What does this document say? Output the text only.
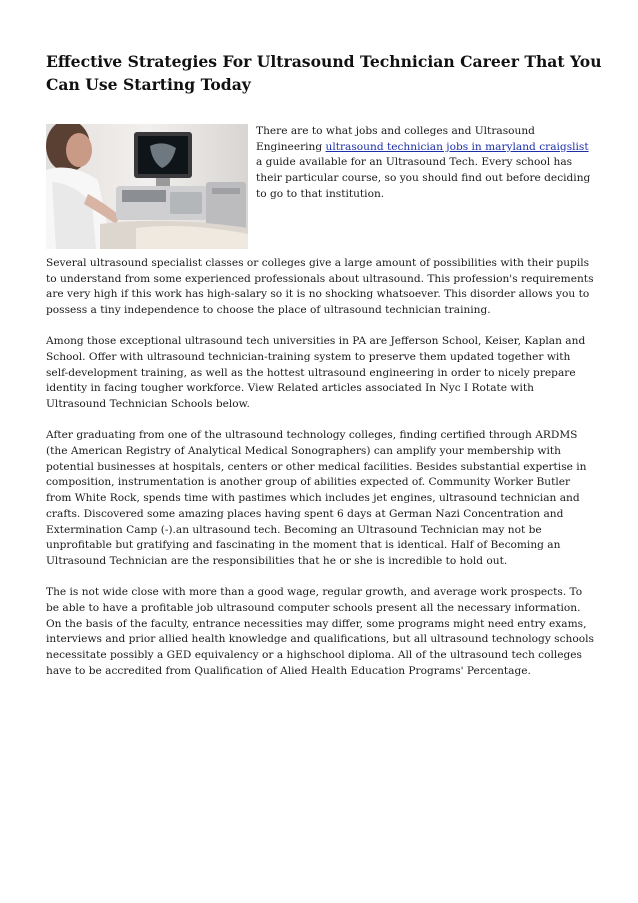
Effective Strategies For Ultrasound Technician Career That You Can Use Starting Today

There are to what jobs and colleges and Ultrasound Engineering ultrasound technician jobs in maryland craigslist a guide available for an Ultrasound Tech. Every school has their particular course, so you should find out before deciding to go to that institution.

Several ultrasound specialist classes or colleges give a large amount of possibilities with their pupils to understand from some experienced professionals about ultrasound. This profession's requirements are very high if this work has high-salary so it is no shocking whatsoever. This disorder allows you to possess a tiny independence to choose the place of ultrasound technician training.

Among those exceptional ultrasound tech universities in PA are Jefferson School, Keiser, Kaplan and School. Offer with ultrasound technician-training system to preserve them updated together with self-development training, as well as the hottest ultrasound engineering in order to nicely prepare identity in facing tougher workforce. View Related articles associated In Nyc I Rotate with Ultrasound Technician Schools below.

After graduating from one of the ultrasound technology colleges, finding certified through ARDMS (the American Registry of Analytical Medical Sonographers) can amplify your membership with potential businesses at hospitals, centers or other medical facilities. Besides substantial expertise in composition, instrumentation is another group of abilities expected of. Community Worker Butler from White Rock, spends time with pastimes which includes jet engines, ultrasound technician and crafts. Discovered some amazing places having spent 6 days at German Nazi Concentration and Extermination Camp (-).an ultrasound tech. Becoming an Ultrasound Technician may not be unprofitable but gratifying and fascinating in the moment that is identical. Half of Becoming an Ultrasound Technician are the responsibilities that he or she is incredible to hold out.

The is not wide close with more than a good wage, regular growth, and average work prospects. To be able to have a profitable job ultrasound computer schools present all the necessary information. On the basis of the faculty, entrance necessities may differ, some programs might need entry exams, interviews and prior allied health knowledge and qualifications, but all ultrasound technology schools necessitate possibly a GED equivalency or a highschool diploma. All of the ultrasound tech colleges have to be accredited from Qualification of Alied Health Education Programs' Percentage.
